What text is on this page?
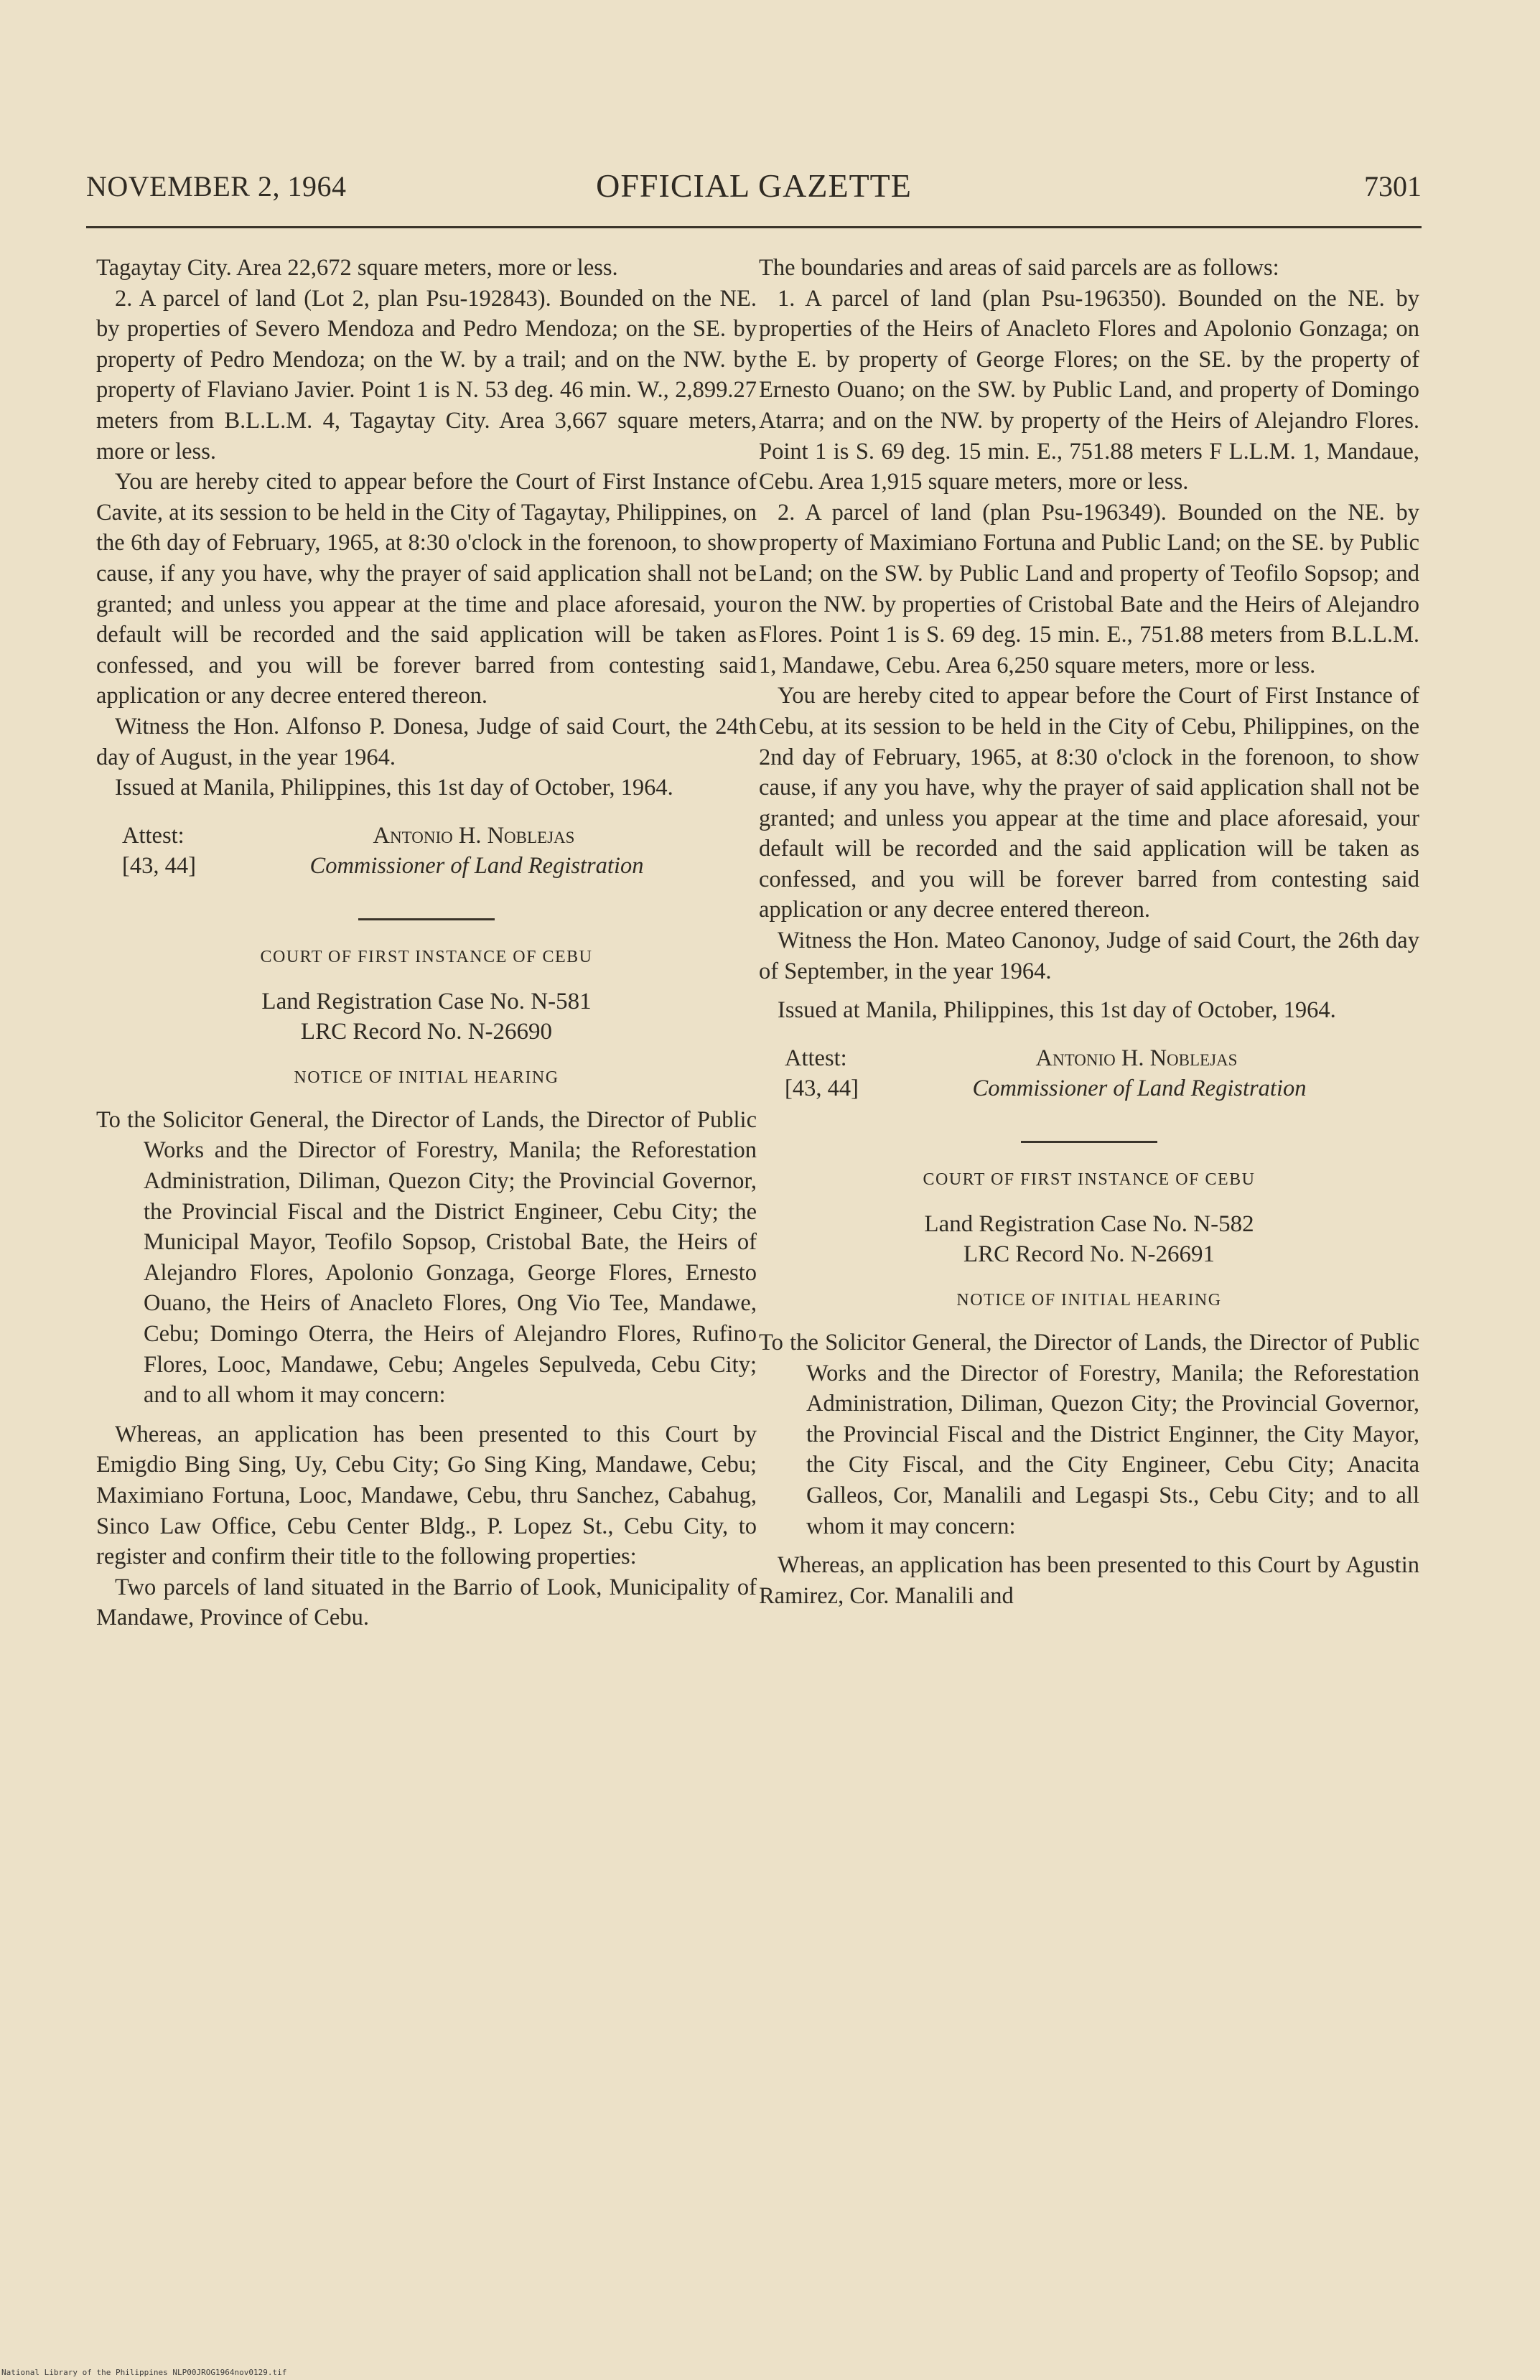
NOVEMBER 2, 1964	OFFICIAL GAZETTE	7301

Tagaytay City. Area 22,672 square meters, more or less.

2. A parcel of land (Lot 2, plan Psu-192843). Bounded on the NE. by properties of Severo Mendoza and Pedro Mendoza; on the SE. by property of Pedro Mendoza; on the W. by a trail; and on the NW. by property of Flaviano Javier. Point 1 is N. 53 deg. 46 min. W., 2,899.27 meters from B.L.L.M. 4, Tagaytay City. Area 3,667 square meters, more or less.

You are hereby cited to appear before the Court of First Instance of Cavite, at its session to be held in the City of Tagaytay, Philippines, on the 6th day of February, 1965, at 8:30 o'clock in the forenoon, to show cause, if any you have, why the prayer of said application shall not be granted; and unless you appear at the time and place aforesaid, your default will be recorded and the said application will be taken as confessed, and you will be forever barred from contesting said application or any decree entered thereon.

Witness the Hon. Alfonso P. Donesa, Judge of said Court, the 24th day of August, in the year 1964.

Issued at Manila, Philippines, this 1st day of October, 1964.

Attest:
[43, 44]
Antonio H. Noblejas
Commissioner of Land Registration
COURT OF FIRST INSTANCE OF CEBU
Land Registration Case No. N-581
LRC Record No. N-26690
NOTICE OF INITIAL HEARING

To the Solicitor General, the Director of Lands, the Director of Public Works and the Director of Forestry, Manila; the Reforestation Administration, Diliman, Quezon City; the Provincial Governor, the Provincial Fiscal and the District Engineer, Cebu City; the Municipal Mayor, Teofilo Sopsop, Cristobal Bate, the Heirs of Alejandro Flores, Apolonio Gonzaga, George Flores, Ernesto Ouano, the Heirs of Anacleto Flores, Ong Vio Tee, Mandawe, Cebu; Domingo Oterra, the Heirs of Alejandro Flores, Rufino Flores, Looc, Mandawe, Cebu; Angeles Sepulveda, Cebu City; and to all whom it may concern:

Whereas, an application has been presented to this Court by Emigdio Bing Sing, Uy, Cebu City; Go Sing King, Mandawe, Cebu; Maximiano Fortuna, Looc, Mandawe, Cebu, thru Sanchez, Cabahug, Sinco Law Office, Cebu Center Bldg., P. Lopez St., Cebu City, to register and confirm their title to the following properties:

Two parcels of land situated in the Barrio of Look, Municipality of Mandawe, Province of Cebu.

The boundaries and areas of said parcels are as follows:

1. A parcel of land (plan Psu-196350). Bounded on the NE. by properties of the Heirs of Anacleto Flores and Apolonio Gonzaga; on the E. by property of George Flores; on the SE. by the property of Ernesto Ouano; on the SW. by Public Land, and property of Domingo Atarra; and on the NW. by property of the Heirs of Alejandro Flores. Point 1 is S. 69 deg. 15 min. E., 751.88 meters F L.L.M. 1, Mandaue, Cebu. Area 1,915 square meters, more or less.

2. A parcel of land (plan Psu-196349). Bounded on the NE. by property of Maximiano Fortuna and Public Land; on the SE. by Public Land; on the SW. by Public Land and property of Teofilo Sopsop; and on the NW. by properties of Cristobal Bate and the Heirs of Alejandro Flores. Point 1 is S. 69 deg. 15 min. E., 751.88 meters from B.L.L.M. 1, Mandawe, Cebu. Area 6,250 square meters, more or less.

You are hereby cited to appear before the Court of First Instance of Cebu, at its session to be held in the City of Cebu, Philippines, on the 2nd day of February, 1965, at 8:30 o'clock in the forenoon, to show cause, if any you have, why the prayer of said application shall not be granted; and unless you appear at the time and place aforesaid, your default will be recorded and the said application will be taken as confessed, and you will be forever barred from contesting said application or any decree entered thereon.

Witness the Hon. Mateo Canonoy, Judge of said Court, the 26th day of September, in the year 1964.

Issued at Manila, Philippines, this 1st day of October, 1964.

Attest:
[43, 44]
Antonio H. Noblejas
Commissioner of Land Registration
COURT OF FIRST INSTANCE OF CEBU
Land Registration Case No. N-582
LRC Record No. N-26691
NOTICE OF INITIAL HEARING

To the Solicitor General, the Director of Lands, the Director of Public Works and the Director of Forestry, Manila; the Reforestation Administration, Diliman, Quezon City; the Provincial Governor, the Provincial Fiscal and the District Enginner, the City Mayor, the City Fiscal, and the City Engineer, Cebu City; Anacita Galleos, Cor, Manalili and Legaspi Sts., Cebu City; and to all whom it may concern:

Whereas, an application has been presented to this Court by Agustin Ramirez, Cor. Manalili and

National Library of the Philippines NLP00JROG1964nov0129.tif
